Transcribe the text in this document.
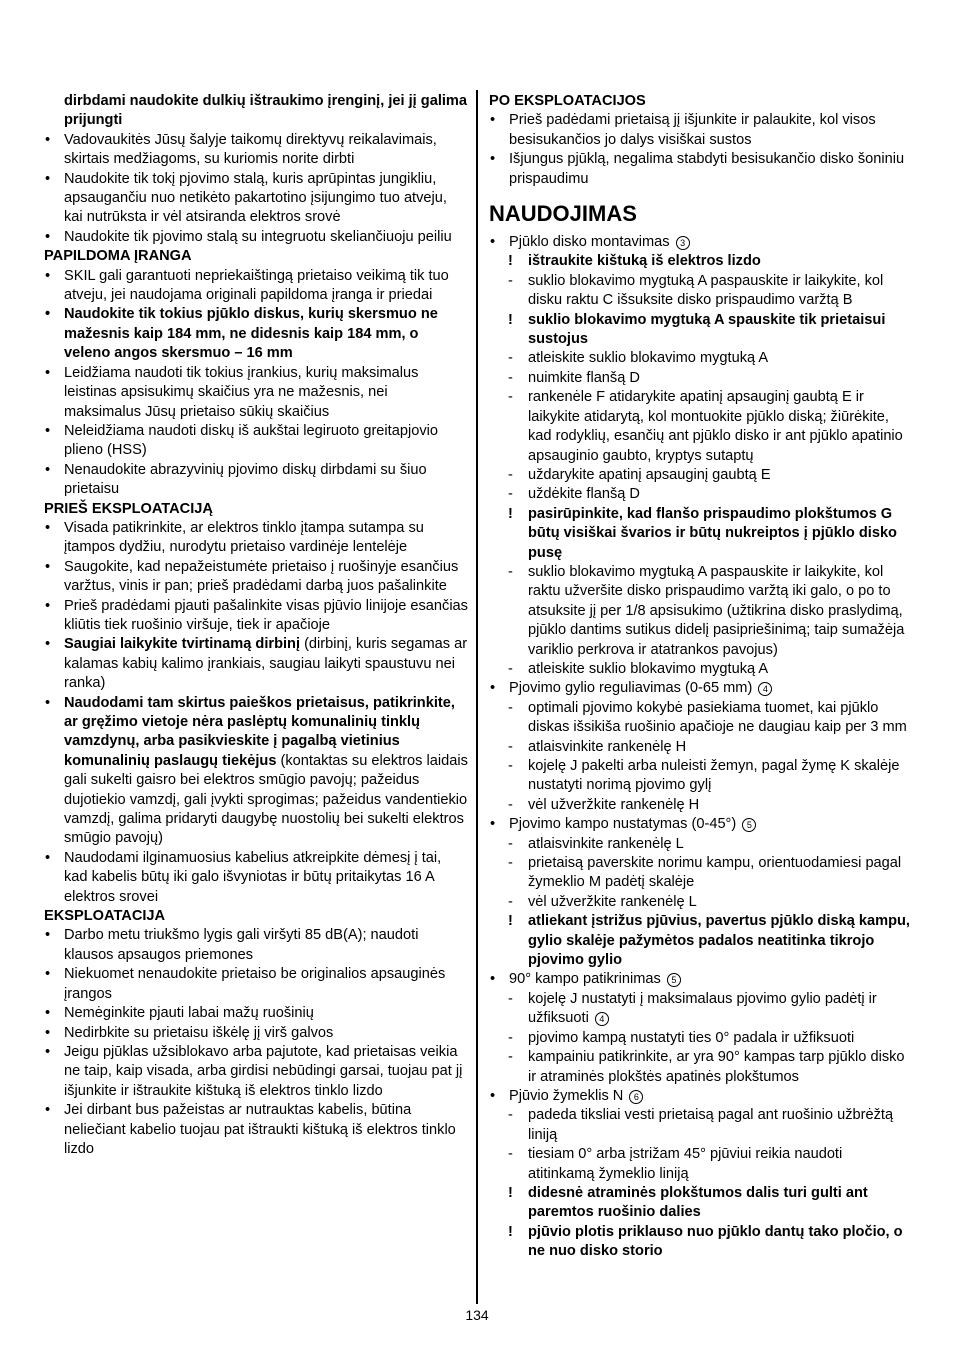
dirbdami naudokite dulkių ištraukimo įrenginį, jei jį galima prijungti
• Vadovaukitės Jūsų šalyje taikomų direktyvų reikalavimais, skirtais medžiagoms, su kuriomis norite dirbti
• Naudokite tik tokį pjovimo stalą, kuris aprūpintas jungikliu, apsaugančiu nuo netikėto pakartotino įsijungimo tuo atveju, kai nutrūksta ir vėl atsiranda elektros srovė
• Naudokite tik pjovimo stalą su integruotu skeliančiuoju peiliu
PAPILDOMA ĮRANGA
• SKIL gali garantuoti nepriekaištingą prietaiso veikimą tik tuo atveju, jei naudojama originali papildoma įranga ir priedai
• Naudokite tik tokius pjūklo diskus, kurių skersmuo ne mažesnis kaip 184 mm, ne didesnis kaip 184 mm, o veleno angos skersmuo – 16 mm
• Leidžiama naudoti tik tokius įrankius, kurių maksimalus leistinas apsisukimų skaičius yra ne mažesnis, nei maksimalus Jūsų prietaiso sūkių skaičius
• Neleidžiama naudoti diskų iš aukštai legiruoto greitapjovio plieno (HSS)
• Nenaudokite abrazyvinių pjovimo diskų dirbdami su šiuo prietaisu
PRIEŠ EKSPLOATACIJĄ
• Visada patikrinkite, ar elektros tinklo įtampa sutampa su įtampos dydžiu, nurodytu prietaiso vardinėje lentelėje
• Saugokite, kad nepažeistumėte prietaiso į ruošinyje esančius varžtus, vinis ir pan; prieš pradėdami darbą juos pašalinkite
• Prieš pradėdami pjauti pašalinkite visas pjūvio linijoje esančias kliūtis tiek ruošinio viršuje, tiek ir apačioje
• Saugiai laikykite tvirtinamą dirbinį (dirbinį, kuris segamas ar kalamas kabių kalimo įrankiais, saugiau laikyti spaustuvu nei ranka)
• Naudodami tam skirtus paieškos prietaisus, patikrinkite, ar gręžimo vietoje nėra paslėptų komunalinių tinklų vamzdynų, arba pasikvieskite į pagalbą vietinius komunalinių paslaugų tiekėjus (kontaktas su elektros laidais gali sukelti gaisro bei elektros smūgio pavojų; pažeidus dujotiekio vamzdį, gali įvykti sprogimas; pažeidus vandentiekio vamzdį, galima pridaryti daugybę nuostolių bei sukelti elektros smūgio pavojų)
• Naudodami ilginamuosius kabelius atkreipkite dėmesį į tai, kad kabelis būtų iki galo išvyniotas ir būtų pritaikytas 16 A elektros srovei
EKSPLOATACIJA
• Darbo metu triukšmo lygis gali viršyti 85 dB(A); naudoti klausos apsaugos priemones
• Niekuomet nenaudokite prietaiso be originalios apsauginės įrangos
• Nemėginkite pjauti labai mažų ruošinių
• Nedirbkite su prietaisu iškėlę jį virš galvos
• Jeigu pjūklas užsiblokavo arba pajutote, kad prietaisas veikia ne taip, kaip visada, arba girdisi nebūdingi garsai, tuojau pat jį išjunkite ir ištraukite kištuką iš elektros tinklo lizdo
• Jei dirbant bus pažeistas ar nutrauktas kabelis, būtina neliečiant kabelio tuojau pat ištraukti kištuką iš elektros tinklo lizdo
PO EKSPLOATACIJOS
• Prieš padėdami prietaisą jį išjunkite ir palaukite, kol visos besisukančios jo dalys visiškai sustos
• Išjungus pjūklą, negalima stabdyti besisukančio disko šoniniu prispaudimu
NAUDOJIMAS
• Pjūklo disko montavimas 3
! ištraukite kištuką iš elektros lizdo
- suklio blokavimo mygtuką A paspauskite ir laikykite, kol disku raktu C išsuksite disko prispaudimo varžtą B
! suklio blokavimo mygtuką A spauskite tik prietaisui sustojus
- atleiskite suklio blokavimo mygtuką A
- nuimkite flanšą D
- rankenėle F atidarykite apatinį apsauginį gaubtą E ir laikykite atidarytą, kol montuokite pjūklo diską; žiūrėkite, kad rodyklių, esančių ant pjūklo disko ir ant pjūklo apatinio apsauginio gaubto, kryptys sutaptų
- uždarykite apatinį apsauginį gaubtą E
- uždėkite flanšą D
! pasirūpinkite, kad flanšo prispaudimo plokštumos G būtų visiškai švarios ir būtų nukreiptos į pjūklo disko pusę
- suklio blokavimo mygtuką A paspauskite ir laikykite, kol raktu užveršite disko prispaudimo varžtą iki galo, o po to atsuksite jį per 1/8 apsisukimo (užtikrina disko praslydimą, pjūklo dantims sutikus didelį pasipriešinimą; taip sumažėja variklio perkrova ir atatrankos pavojus)
- atleiskite suklio blokavimo mygtuką A
• Pjovimo gylio reguliavimas (0-65 mm) 4
- optimali pjovimo kokybė pasiekiama tuomet, kai pjūklo diskas išsikiša ruošinio apačioje ne daugiau kaip per 3 mm
- atlaisvinkite rankenėlę H
- kojelę J pakelti arba nuleisti žemyn, pagal žymę K skalėje nustatyti norimą pjovimo gylį
- vėl užveržkite rankenėlę H
• Pjovimo kampo nustatymas (0-45°) 5
- atlaisvinkite rankenėlę L
- prietaisą paverskite norimu kampu, orientuodamiesi pagal žymeklio M padėtį skalėje
- vėl užveržkite rankenėlę L
! atliekant įstrižus pjūvius, pavertus pjūklo diską kampu, gylio skalėje pažymėtos padalos neatitinka tikrojo pjovimo gylio
• 90° kampo patikrinimas 5
- kojelę J nustatyti į maksimalaus pjovimo gylio padėtį ir užfiksuoti 4
- pjovimo kampą nustatyti ties 0° padala ir užfiksuoti
- kampainiu patikrinkite, ar yra 90° kampas tarp pjūklo disko ir atraminės plokštės apatinės plokštumos
• Pjūvio žymeklis N 6
- padeda tiksliai vesti prietaisą pagal ant ruošinio užbrėžtą liniją
- tiesiam 0° arba įstrižam 45° pjūviui reikia naudoti atitinkamą žymeklio liniją
! didesnė atraminės plokštumos dalis turi gulti ant paremtos ruošinio dalies
! pjūvio plotis priklauso nuo pjūklo dantų tako pločio, o ne nuo disko storio
134
